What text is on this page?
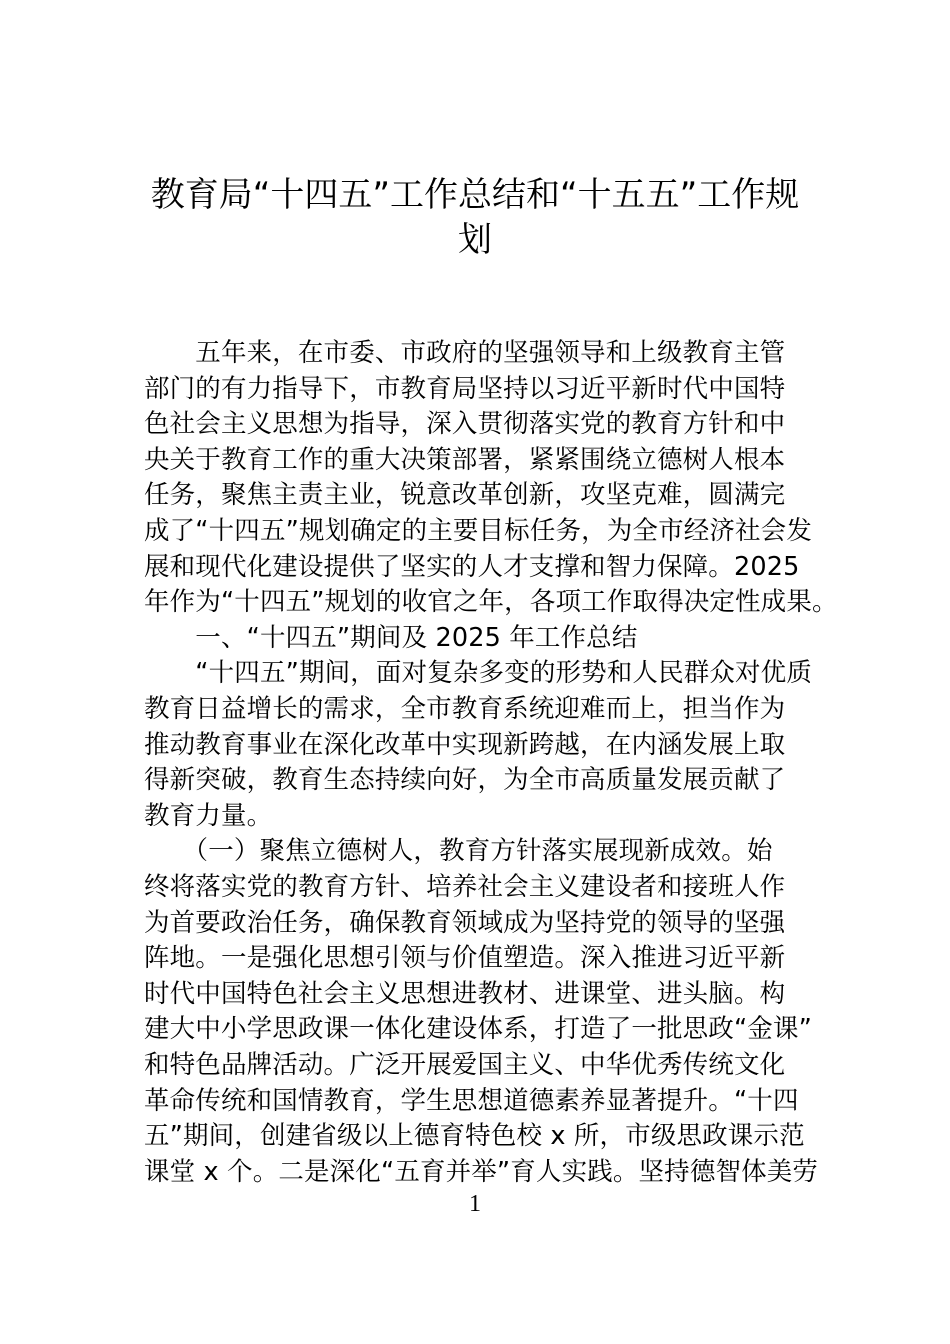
教育局“十四五”工作总结和“十五五”工作规
划
　　五年来，在市委、市政府的坚强领导和上级教育主管
部门的有力指导下，市教育局坚持以习近平新时代中国特
色社会主义思想为指导，深入贯彻落实党的教育方针和中
央关于教育工作的重大决策部署，紧紧围绕立德树人根本
任务，聚焦主责主业，锐意改革创新，攻坚克难，圆满完
成了“十四五”规划确定的主要目标任务，为全市经济社会发
展和现代化建设提供了坚实的人才支撑和智力保障。2025
年作为“十四五”规划的收官之年，各项工作取得决定性成果。
　　一、“十四五”期间及 2025 年工作总结
　　“十四五”期间，面对复杂多变的形势和人民群众对优质
教育日益增长的需求，全市教育系统迎难而上，担当作为
推动教育事业在深化改革中实现新跨越，在内涵发展上取
得新突破，教育生态持续向好，为全市高质量发展贡献了
教育力量。
　　（一）聚焦立德树人，教育方针落实展现新成效。始
终将落实党的教育方针、培养社会主义建设者和接班人作
为首要政治任务，确保教育领域成为坚持党的领导的坚强
阵地。一是强化思想引领与价值塑造。深入推进习近平新
时代中国特色社会主义思想进教材、进课堂、进头脑。构
建大中小学思政课一体化建设体系，打造了一批思政“金课”
和特色品牌活动。广泛开展爱国主义、中华优秀传统文化
革命传统和国情教育，学生思想道德素养显著提升。“十四
五”期间，创建省级以上德育特色校 x 所，市级思政课示范
课堂 x 个。二是深化“五育并举”育人实践。坚持德智体美劳
1
